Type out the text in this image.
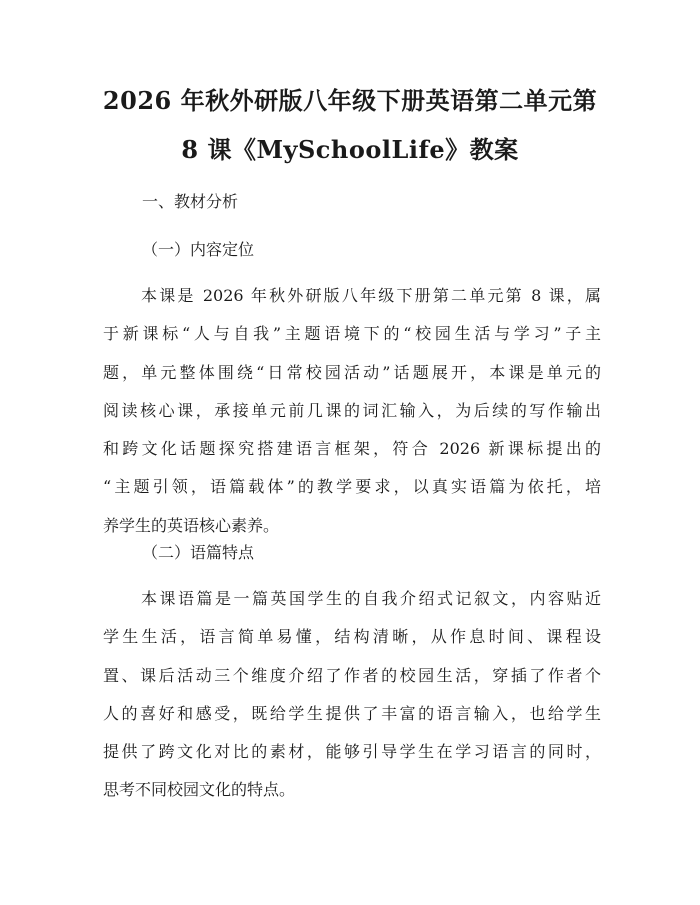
2026 年秋外研版八年级下册英语第二单元第
8 课《MySchoolLife》教案
一、教材分析
（一）内容定位
本课是 2026 年秋外研版八年级下册第二单元第 8 课，属
于新课标“人与自我”主题语境下的“校园生活与学习”子主
题，单元整体围绕“日常校园活动”话题展开，本课是单元的
阅读核心课，承接单元前几课的词汇输入，为后续的写作输出
和跨文化话题探究搭建语言框架，符合 2026 新课标提出的
“主题引领，语篇载体”的教学要求，以真实语篇为依托，培
养学生的英语核心素养。
（二）语篇特点
本课语篇是一篇英国学生的自我介绍式记叙文，内容贴近
学生生活，语言简单易懂，结构清晰，从作息时间、课程设
置、课后活动三个维度介绍了作者的校园生活，穿插了作者个
人的喜好和感受，既给学生提供了丰富的语言输入，也给学生
提供了跨文化对比的素材，能够引导学生在学习语言的同时，
思考不同校园文化的特点。
